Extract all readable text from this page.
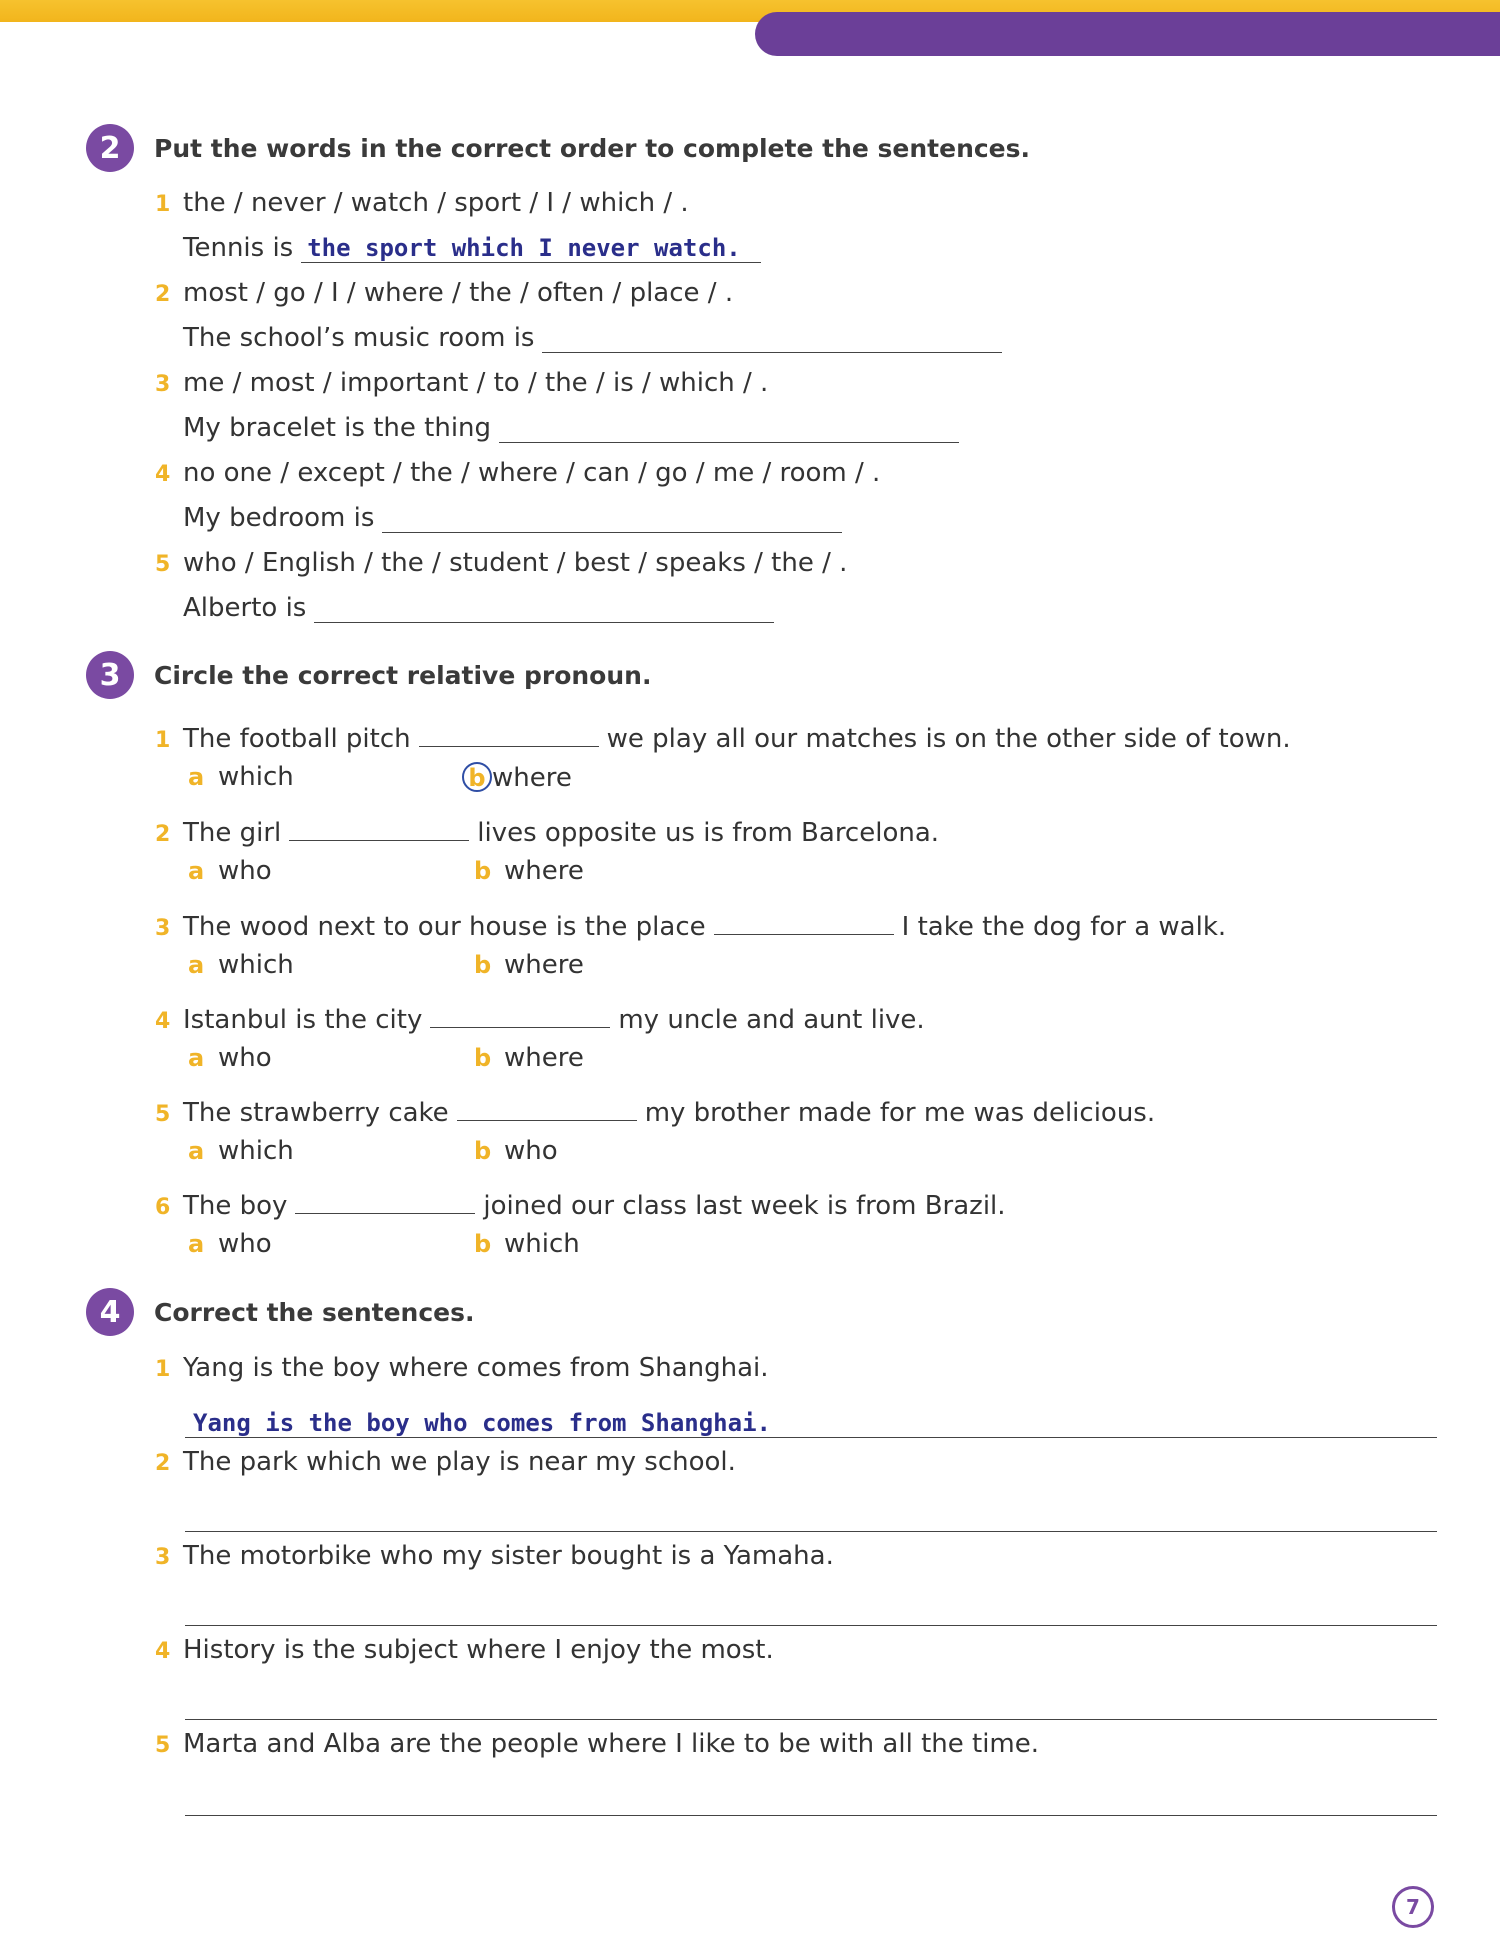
2	Put the words in the correct order to complete the sentences.
1 the / never / watch / sport / I / which / .
Tennis is the sport which I never watch.
2 most / go / I / where / the / often / place / .
The school’s music room is
3 me / most / important / to / the / is / which / .
My bracelet is the thing
4 no one / except / the / where / can / go / me / room / .
My bedroom is
5 who / English / the / student / best / speaks / the / .
Alberto is
3	Circle the correct relative pronoun.
1 The football pitch	we play all our matches is on the other side of town.
a which	b where
2 The girl	lives opposite us is from Barcelona.
a who	b where
3 The wood next to our house is the place	I take the dog for a walk.
a which	b where
4 Istanbul is the city	my uncle and aunt live.
a who	b where
5 The strawberry cake	my brother made for me was delicious.
a which	b who
6 The boy	joined our class last week is from Brazil.
a who	b which
4	Correct the sentences.
1 Yang is the boy where comes from Shanghai.
Yang is the boy who comes from Shanghai.
2 The park which we play is near my school.
3 The motorbike who my sister bought is a Yamaha.
4 History is the subject where I enjoy the most.
5 Marta and Alba are the people where I like to be with all the time.
7
